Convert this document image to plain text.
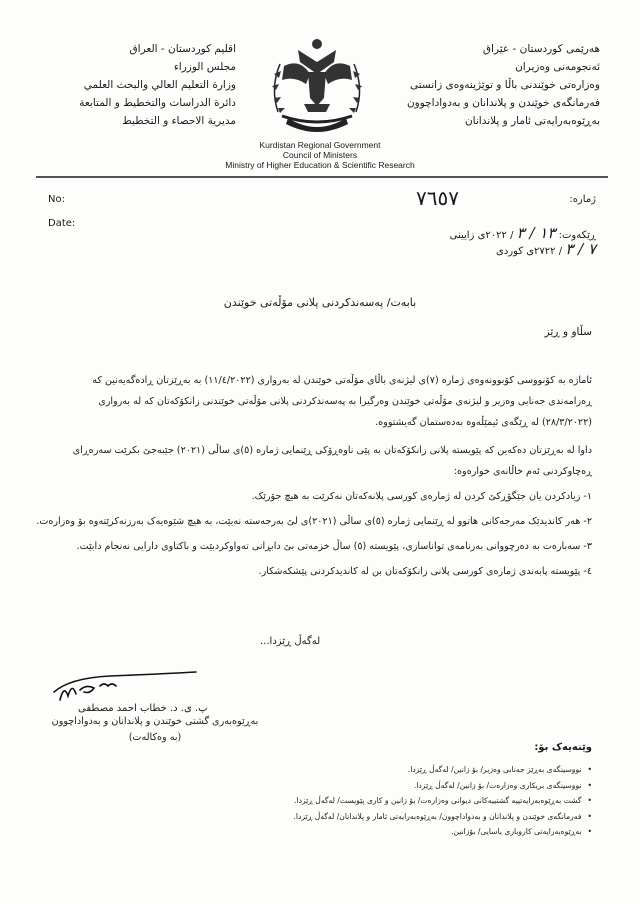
هەرێمی کوردستان - عێراق
ئەنجومەنی وەزیران
وەزارەتی خوێندنی باڵا و توێژینەوەی زانستی
فەرمانگەی خوێندن و پلاندانان و بەدواداچوون
بەڕێوەبەرایەتی ئامار و پلاندانان
اقليم كوردستان - العراق
مجلس الوزراء
وزارة التعليم العالي والبحث العلمي
دائرة الدراسات والتخطيط و المتابعة
مديرية الاحصاء و التخطيط
Kurdistan Regional Government
Council of Ministers
Ministry of Higher Education & Scientific Research
No:
Date:
ژمارە:
٧٦٥٧
ڕێکەوت: ١٣ / ٣ / ٢٠٢٢ی زایینی
٧ / ٣ / ٢٧٢٢ی کوردی
بابەت/ پەسەندکردنی پلانی مۆڵەتی خوێندن
سڵاو و ڕێز
ئاماژە بە کۆنووسی کۆبوونەوەی ژمارە (٧)ی لیژنەی باڵای مۆڵەتی خوێندن لە بەرواری (١١/٤/٢٠٢٢) بە بەڕێزتان ڕادەگەیەنین کە ڕەزامەندی جەنابی وەزیر و لیژنەی مۆڵەتی خوێندن وەرگیرا بە پەسەندکردنی پلانی مۆڵەتی خوێندنی زانکۆکەتان کە لە بەرواری (٢٨/٣/٢٠٢٢) لە ڕێگەی ئیمێڵەوە بەدەستمان گەیشتووە.
داوا لە بەڕێزتان دەکەین کە پێویستە پلانی زانکۆکەتان بە پێی ناوەڕۆکی ڕێنمایی ژمارە (٥)ی ساڵی (٢٠٢١) جێبەجێ بکرێت سەرەڕای ڕەچاوکردنی ئەم خاڵانەی خوارەوە:
١- زیادکردن یان جێگۆڕکێ کردن لە ژمارەی کورسی پلانەکەتان نەکرێت بە هیچ جۆرێک.
٢- هەر کاندیدێک مەرجەکانی هاتوو لە ڕێنمایی ژمارە (٥)ی ساڵی (٢٠٢١)ی لێ بەرجەستە نەبێت، بە هیچ شێوەیەک بەرزنەکرێتەوە بۆ وەزارەت.
٣- سەبارەت بە دەرچووانی بەرنامەی تواناسازی، پێویستە (٥) ساڵ خزمەتی بێ دابڕانی تەواوکردبێت و باکتاوی دارایی نەنجام دابێت.
٤- پێویستە پابەندی ژمارەی کورسی پلانی زانکۆکەتان بن لە کاندیدکردنی پێشکەشکار.
لەگەڵ ڕێزدا...
پ. ی. د. خطاب احمد مصطفى
بەڕێوەبەری گشتی خوێندن و پلاندانان و بەدواداچوون
(بە وەکالەت)
وێنەیەک بۆ:
• نووسینگەی بەڕێز جەنابی وەزیر/ بۆ زانین/ لەگەڵ ڕێزدا.
• نووسینگەی بریکاری وەزارەت/ بۆ زانین/ لەگەڵ ڕێزدا.
• گشت بەڕێوەبەرایەتییە گشتییەکانی دیوانی وەزارەت/ بۆ زانین و کاری پێویست/ لەگەڵ ڕێزدا.
• فەرمانگەی خوێندن و پلاندانان و بەدواداچوون/ بەڕێوەبەرایەتی ئامار و پلاندانان/ لەگەڵ ڕێزدا.
• بەڕێوەبەرایەتی کاروباری یاسایی/ بۆزانین.
